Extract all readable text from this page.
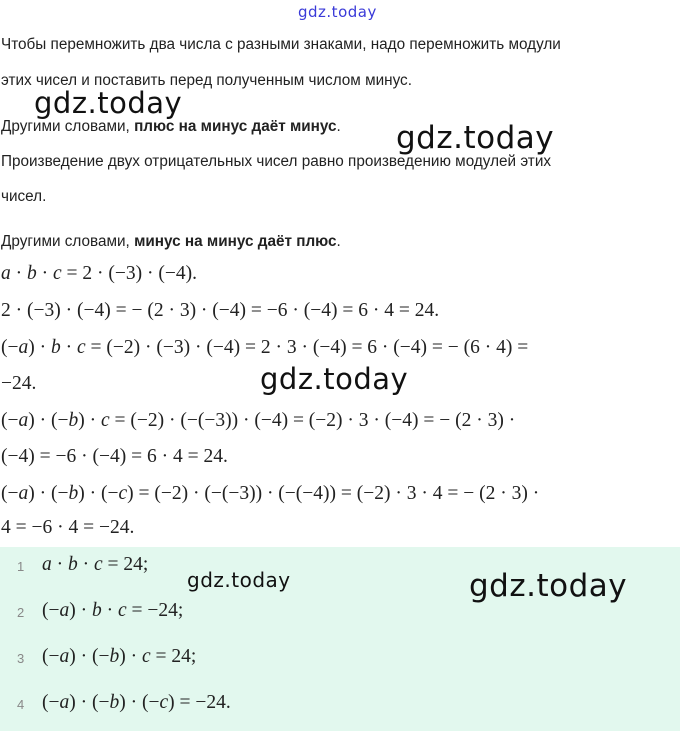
gdz.today
Чтобы перемножить два числа с разными знаками, надо перемножить модули
этих чисел и поставить перед полученным числом минус.
Другими словами, плюс на минус даёт минус.
Произведение двух отрицательных чисел равно произведению модулей этих
чисел.
Другими словами, минус на минус даёт плюс.
a · b · c = 2 · (−3) · (−4).
2 · (−3) · (−4) = − (2 · 3) · (−4) = −6 · (−4) = 6 · 4 = 24.
(−a) · b · c = (−2) · (−3) · (−4) = 2 · 3 · (−4) = 6 · (−4) = − (6 · 4) =
−24.
(−a) · (−b) · c = (−2) · (−(−3)) · (−4) = (−2) · 3 · (−4) = − (2 · 3) ·
(−4) = −6 · (−4) = 6 · 4 = 24.
(−a) · (−b) · (−c) = (−2) · (−(−3)) · (−(−4)) = (−2) · 3 · 4 = − (2 · 3) ·
4 = −6 · 4 = −24.
1 a · b · c = 24;
2 (−a) · b · c = −24;
3 (−a) · (−b) · c = 24;
4 (−a) · (−b) · (−c) = −24.
gdz.today
gdz.today
gdz.today
gdz.today	gdz.today
